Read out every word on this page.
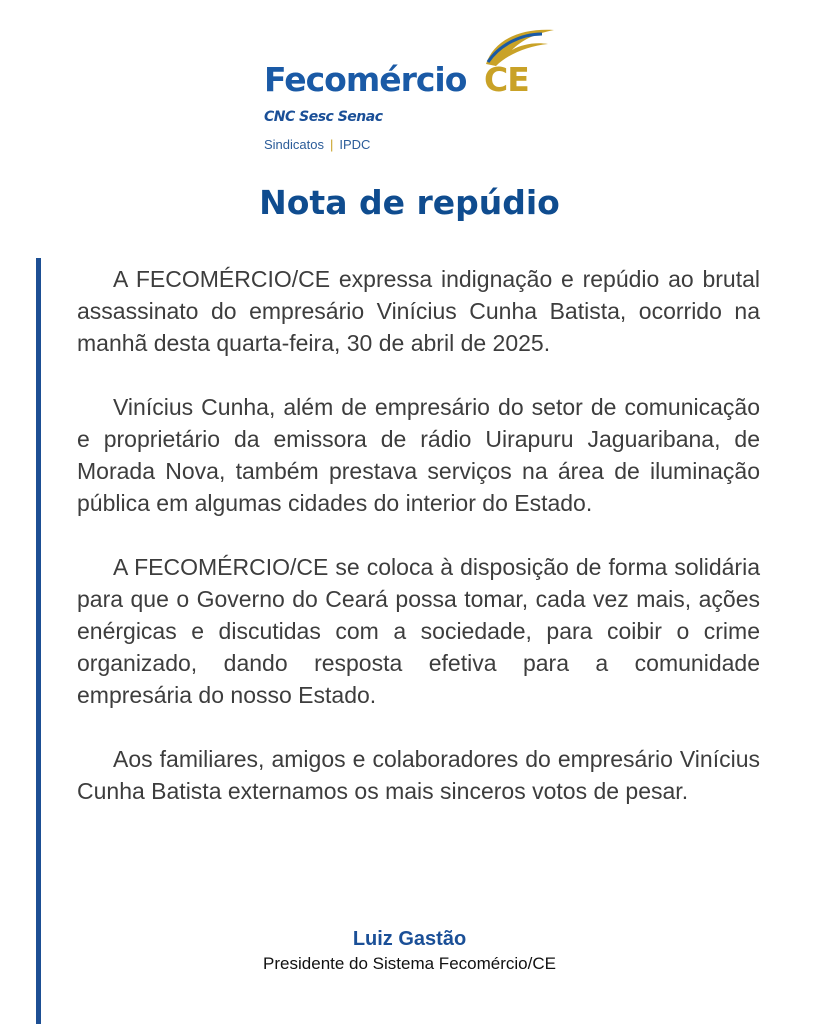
Fecomércio CE
CNC Sesc Senac
Sindicatos | IPDC
Nota de repúdio

A FECOMÉRCIO/CE expressa indignação e repúdio ao brutal assassinato do empresário Vinícius Cunha Batista, ocorrido na manhã desta quarta-feira, 30 de abril de 2025.

Vinícius Cunha, além de empresário do setor de comunicação e proprietário da emissora de rádio Uirapuru Jaguaribana, de Morada Nova, também prestava serviços na área de iluminação pública em algumas cidades do interior do Estado.

A FECOMÉRCIO/CE se coloca à disposição de forma solidária para que o Governo do Ceará possa tomar, cada vez mais, ações enérgicas e discutidas com a sociedade, para coibir o crime organizado, dando resposta efetiva para a comunidade empresária do nosso Estado.

Aos familiares, amigos e colaboradores do empresário Vinícius Cunha Batista externamos os mais sinceros votos de pesar.

Luiz Gastão
Presidente do Sistema Fecomércio/CE
